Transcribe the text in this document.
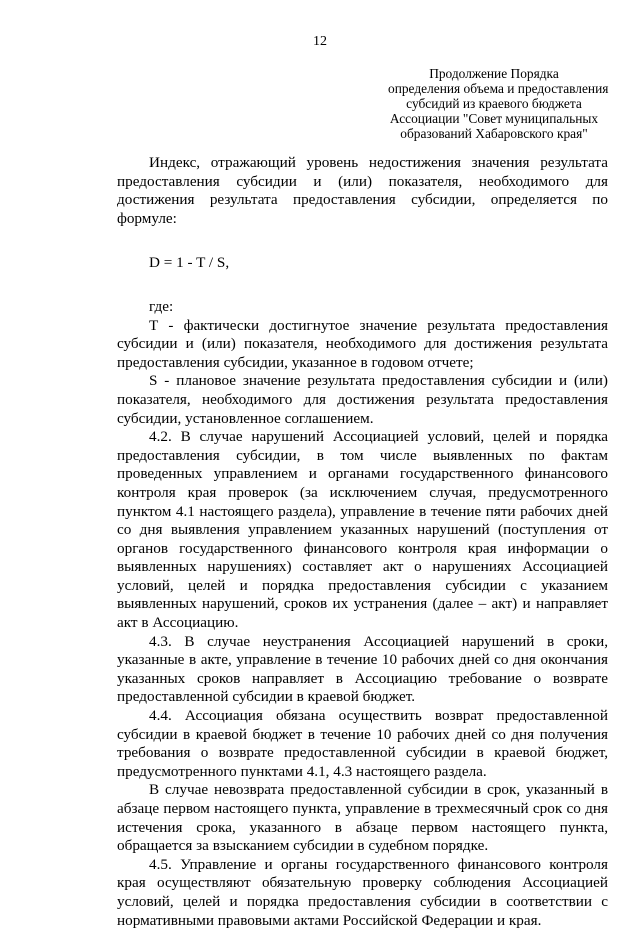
12
Продолжение Порядка
определения объема и предоставления
субсидий из краевого бюджета
Ассоциации "Совет муниципальных
образований Хабаровского края"

Индекс, отражающий уровень недостижения значения результата предоставления субсидии и (или) показателя, необходимого для достижения результата предоставления субсидии, определяется по формуле:

D = 1 - T / S,
где:

Т - фактически достигнутое значение результата предоставления субсидии и (или) показателя, необходимого для достижения результата предоставления субсидии, указанное в годовом отчете;

S - плановое значение результата предоставления субсидии и (или) показателя, необходимого для достижения результата предоставления субсидии, установленное соглашением.

4.2. В случае нарушений Ассоциацией условий, целей и порядка предоставления субсидии, в том числе выявленных по фактам проведенных управлением и органами государственного финансового контроля края проверок (за исключением случая, предусмотренного пунктом 4.1 настоящего раздела), управление в течение пяти рабочих дней со дня выявления управлением указанных нарушений (поступления от органов государственного финансового контроля края информации о выявленных нарушениях) составляет акт о нарушениях Ассоциацией условий, целей и порядка предоставления субсидии с указанием выявленных нарушений, сроков их устранения (далее – акт) и направляет акт в Ассоциацию.

4.3. В случае неустранения Ассоциацией нарушений в сроки, указанные в акте, управление в течение 10 рабочих дней со дня окончания указанных сроков направляет в Ассоциацию требование о возврате предоставленной субсидии в краевой бюджет.

4.4. Ассоциация обязана осуществить возврат предоставленной субсидии в краевой бюджет в течение 10 рабочих дней со дня получения требования о возврате предоставленной субсидии в краевой бюджет, предусмотренного пунктами 4.1, 4.3 настоящего раздела.

В случае невозврата предоставленной субсидии в срок, указанный в абзаце первом настоящего пункта, управление в трехмесячный срок со дня истечения срока, указанного в абзаце первом настоящего пункта, обращается за взысканием субсидии в судебном порядке.

4.5. Управление и органы государственного финансового контроля края осуществляют обязательную проверку соблюдения Ассоциацией условий, целей и порядка предоставления субсидии в соответствии с нормативными правовыми актами Российской Федерации и края.
